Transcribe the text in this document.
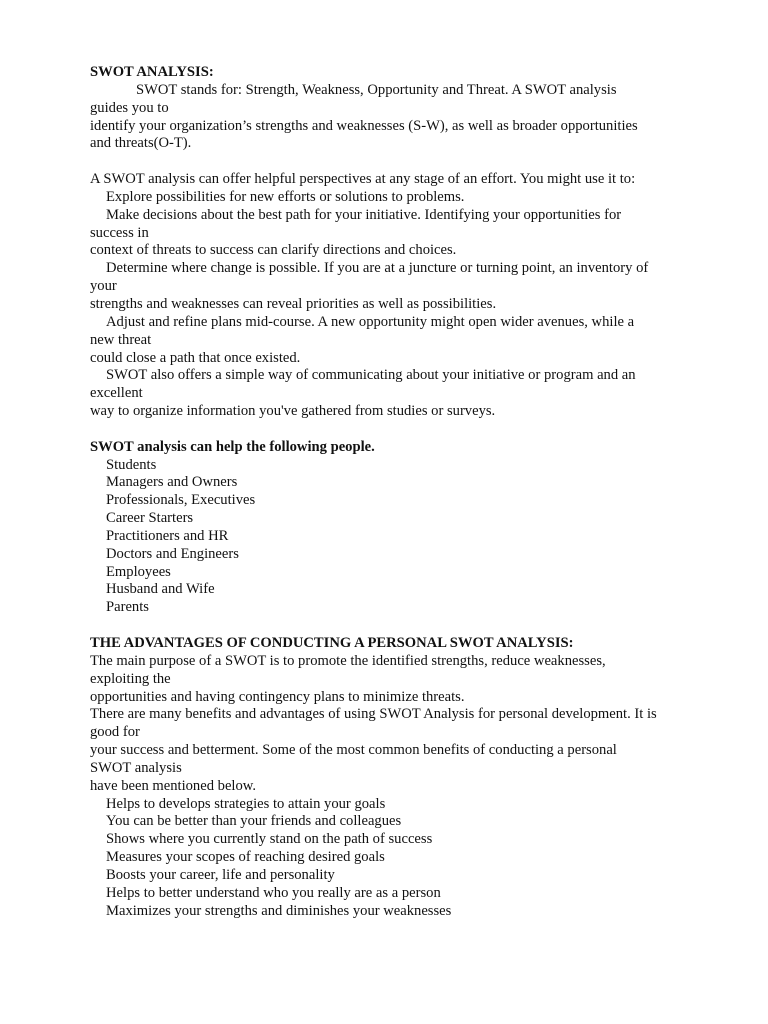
SWOT ANALYSIS:
SWOT stands for: Strength, Weakness, Opportunity and Threat. A SWOT analysis
guides you to
identify your organization’s strengths and weaknesses (S-W), as well as broader opportunities
and threats(O-T).
A SWOT analysis can offer helpful perspectives at any stage of an effort. You might use it to:
Explore possibilities for new efforts or solutions to problems.
Make decisions about the best path for your initiative. Identifying your opportunities for
success in
context of threats to success can clarify directions and choices.
Determine where change is possible. If you are at a juncture or turning point, an inventory of
your
strengths and weaknesses can reveal priorities as well as possibilities.
Adjust and refine plans mid-course. A new opportunity might open wider avenues, while a
new threat
could close a path that once existed.
SWOT also offers a simple way of communicating about your initiative or program and an
excellent
way to organize information you've gathered from studies or surveys.
SWOT analysis can help the following people.
Students
Managers and Owners
Professionals, Executives
Career Starters
Practitioners and HR
Doctors and Engineers
Employees
Husband and Wife
Parents
THE ADVANTAGES OF CONDUCTING A PERSONAL SWOT ANALYSIS:
The main purpose of a SWOT is to promote the identified strengths, reduce weaknesses,
exploiting the
opportunities and having contingency plans to minimize threats.
There are many benefits and advantages of using SWOT Analysis for personal development. It is
good for
your success and betterment. Some of the most common benefits of conducting a personal
SWOT analysis
have been mentioned below.
Helps to develops strategies to attain your goals
You can be better than your friends and colleagues
Shows where you currently stand on the path of success
Measures your scopes of reaching desired goals
Boosts your career, life and personality
Helps to better understand who you really are as a person
Maximizes your strengths and diminishes your weaknesses
